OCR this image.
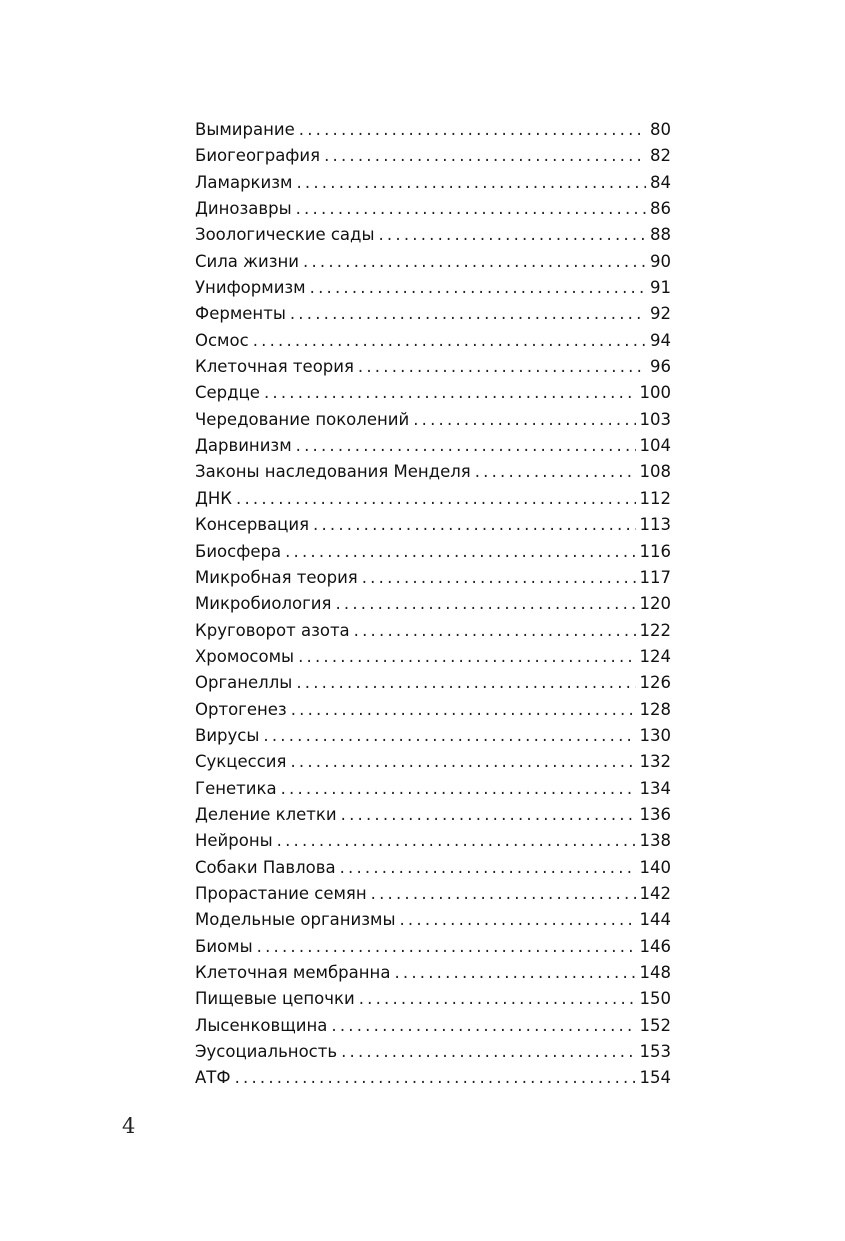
Вымирание .....	80
Биогеография .....	82
Ламаркизм .....	84
Динозавры .....	86
Зоологические сады .....	88
Сила жизни .....	90
Униформизм .....	91
Ферменты .....	92
Осмос .....	94
Клеточная теория .....	96
Сердце .....	100
Чередование поколений .....	103
Дарвинизм .....	104
Законы наследования Менделя .....	108
ДНК .....	112
Консервация .....	113
Биосфера .....	116
Микробная теория .....	117
Микробиология .....	120
Круговорот азота .....	122
Хромосомы .....	124
Органеллы .....	126
Ортогенез .....	128
Вирусы .....	130
Сукцессия .....	132
Генетика .....	134
Деление клетки .....	136
Нейроны .....	138
Собаки Павлова .....	140
Прорастание семян .....	142
Модельные организмы .....	144
Биомы .....	146
Клеточная мембранна .....	148
Пищевые цепочки .....	150
Лысенковщина .....	152
Эусоциальность .....	153
АТФ .....	154
4
